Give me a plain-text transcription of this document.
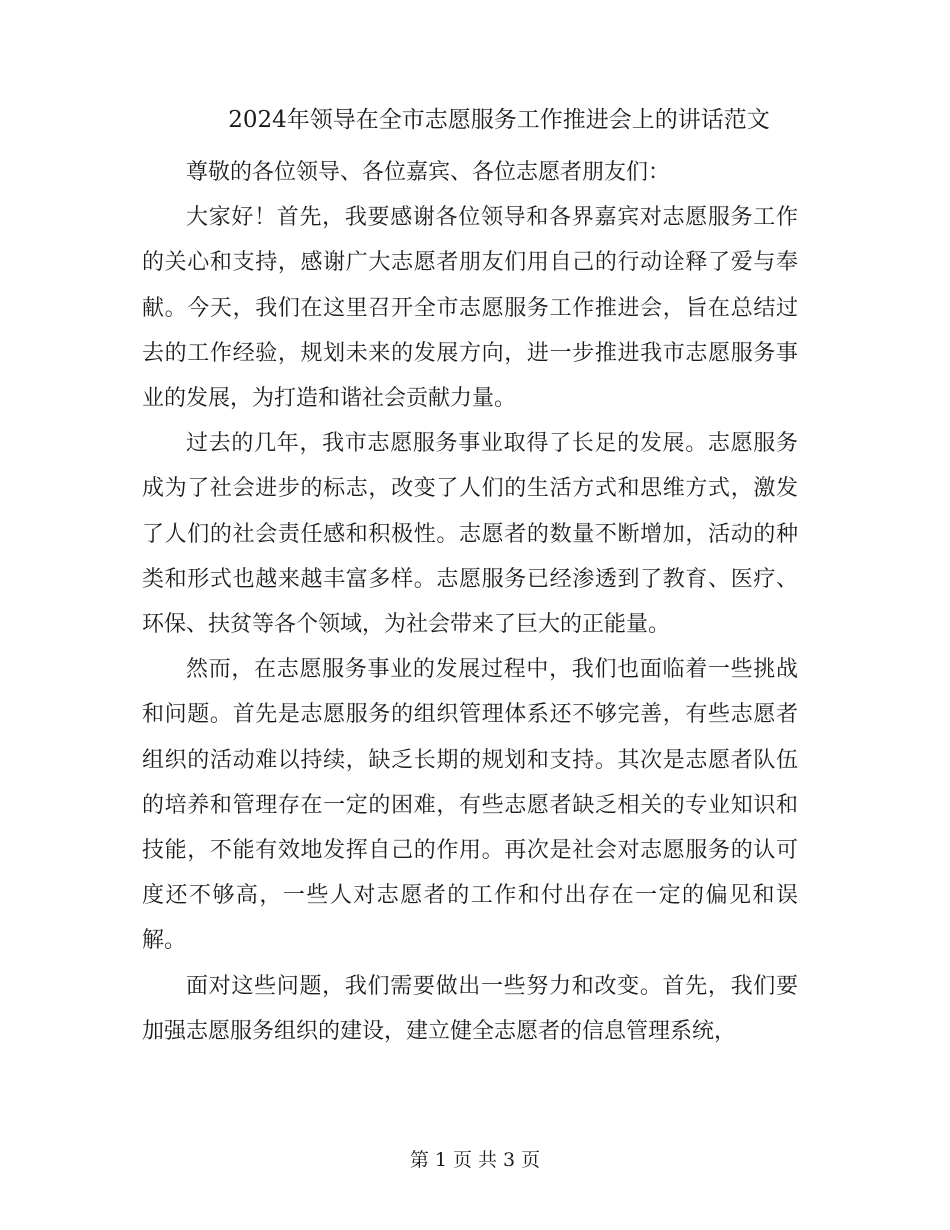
2024年领导在全市志愿服务工作推进会上的讲话范文

尊敬的各位领导、各位嘉宾、各位志愿者朋友们：

大家好！首先，我要感谢各位领导和各界嘉宾对志愿服务工作的关心和支持，感谢广大志愿者朋友们用自己的行动诠释了爱与奉献。今天，我们在这里召开全市志愿服务工作推进会，旨在总结过去的工作经验，规划未来的发展方向，进一步推进我市志愿服务事业的发展，为打造和谐社会贡献力量。

过去的几年，我市志愿服务事业取得了长足的发展。志愿服务成为了社会进步的标志，改变了人们的生活方式和思维方式，激发了人们的社会责任感和积极性。志愿者的数量不断增加，活动的种类和形式也越来越丰富多样。志愿服务已经渗透到了教育、医疗、环保、扶贫等各个领域，为社会带来了巨大的正能量。

然而，在志愿服务事业的发展过程中，我们也面临着一些挑战和问题。首先是志愿服务的组织管理体系还不够完善，有些志愿者组织的活动难以持续，缺乏长期的规划和支持。其次是志愿者队伍的培养和管理存在一定的困难，有些志愿者缺乏相关的专业知识和技能，不能有效地发挥自己的作用。再次是社会对志愿服务的认可度还不够高，一些人对志愿者的工作和付出存在一定的偏见和误解。

面对这些问题，我们需要做出一些努力和改变。首先，我们要加强志愿服务组织的建设，建立健全志愿者的信息管理系统，

第 1 页 共 3 页
